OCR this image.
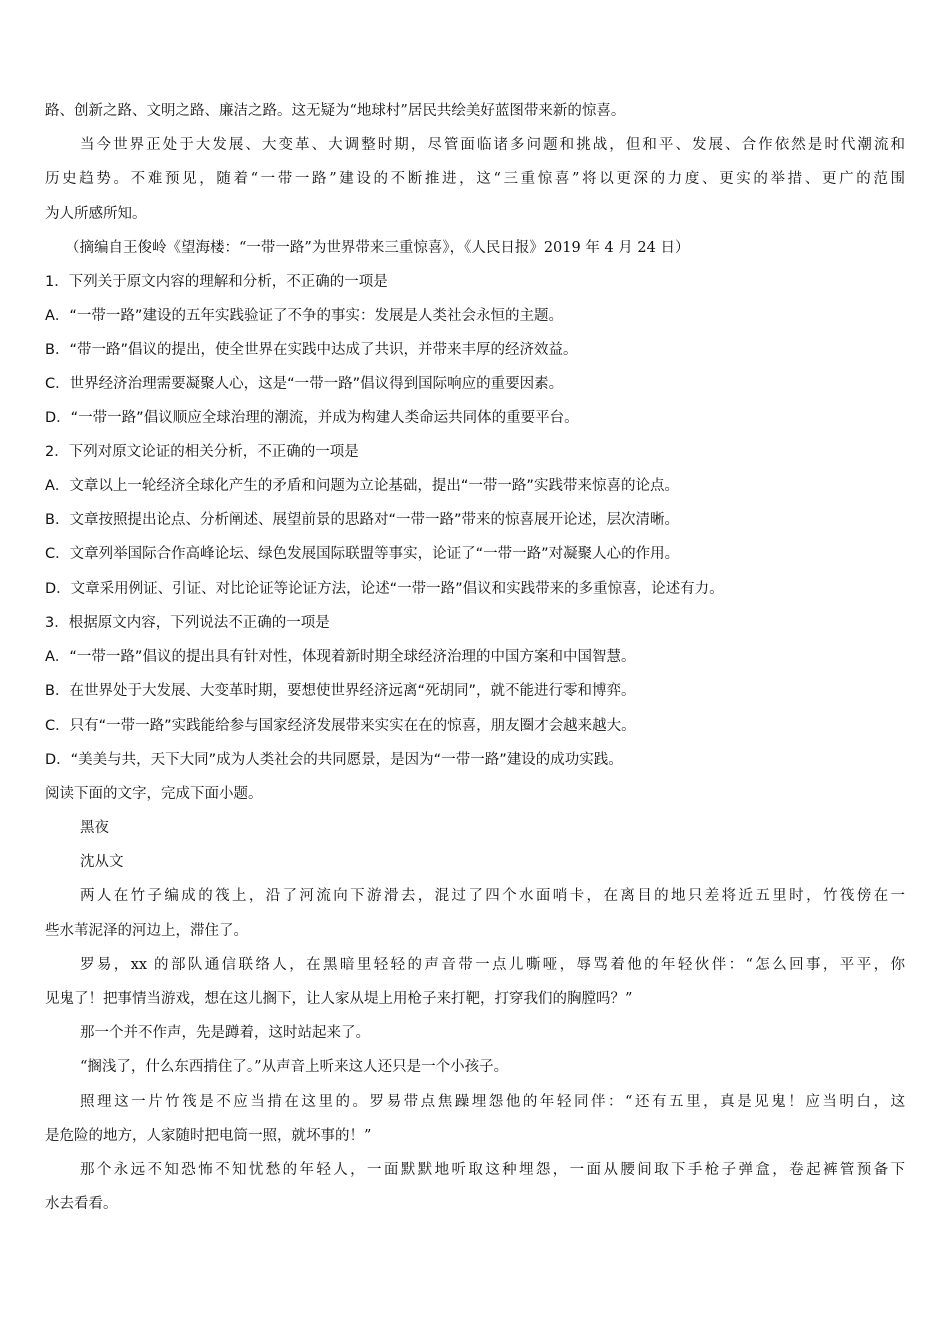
路、创新之路、文明之路、廉洁之路。这无疑为“地球村”居民共绘美好蓝图带来新的惊喜。
当今世界正处于大发展、大变革、大调整时期，尽管面临诸多问题和挑战，但和平、发展、合作依然是时代潮流和
历史趋势。不难预见，随着“一带一路”建设的不断推进，这“三重惊喜”将以更深的力度、更实的举措、更广的范围
为人所感所知。
（摘编自王俊岭《望海楼：“一带一路”为世界带来三重惊喜》，《人民日报》2019 年 4 月 24 日）
1．下列关于原文内容的理解和分析，不正确的一项是
A．“一带一路”建设的五年实践验证了不争的事实：发展是人类社会永恒的主题。
B．“带一路”倡议的提出，使全世界在实践中达成了共识，并带来丰厚的经济效益。
C．世界经济治理需要凝聚人心，这是“一带一路”倡议得到国际响应的重要因素。
D．“一带一路”倡议顺应全球治理的潮流，并成为构建人类命运共同体的重要平台。
2．下列对原文论证的相关分析，不正确的一项是
A．文章以上一轮经济全球化产生的矛盾和问题为立论基础，提出“一带一路”实践带来惊喜的论点。
B．文章按照提出论点、分析阐述、展望前景的思路对“一带一路”带来的惊喜展开论述，层次清晰。
C．文章列举国际合作高峰论坛、绿色发展国际联盟等事实，论证了“一带一路”对凝聚人心的作用。
D．文章采用例证、引证、对比论证等论证方法，论述“一带一路”倡议和实践带来的多重惊喜，论述有力。
3．根据原文内容，下列说法不正确的一项是
A．“一带一路”倡议的提出具有针对性，体现着新时期全球经济治理的中国方案和中国智慧。
B．在世界处于大发展、大变革时期，要想使世界经济远离“死胡同”，就不能进行零和博弈。
C．只有“一带一路”实践能给参与国家经济发展带来实实在在的惊喜，朋友圈才会越来越大。
D．“美美与共，天下大同”成为人类社会的共同愿景，是因为“一带一路”建设的成功实践。
阅读下面的文字，完成下面小题。
黑夜
沈从文
两人在竹子编成的筏上，沿了河流向下游滑去，混过了四个水面哨卡，在离目的地只差将近五里时，竹筏傍在一
些水苇泥泽的河边上，滞住了。
罗易，xx 的部队通信联络人，在黑暗里轻轻的声音带一点儿嘶哑，辱骂着他的年轻伙伴：“怎么回事，平平，你
见鬼了！把事情当游戏，想在这儿搁下，让人家从堤上用枪子来打靶，打穿我们的胸膛吗？”
那一个并不作声，先是蹲着，这时站起来了。
“搁浅了，什么东西掯住了。”从声音上听来这人还只是一个小孩子。
照理这一片竹筏是不应当掯在这里的。罗易带点焦躁埋怨他的年轻同伴：“还有五里，真是见鬼！应当明白，这
是危险的地方，人家随时把电筒一照，就坏事的！”
那个永远不知恐怖不知忧愁的年轻人，一面默默地听取这种埋怨，一面从腰间取下手枪子弹盒，卷起裤管预备下
水去看看。
